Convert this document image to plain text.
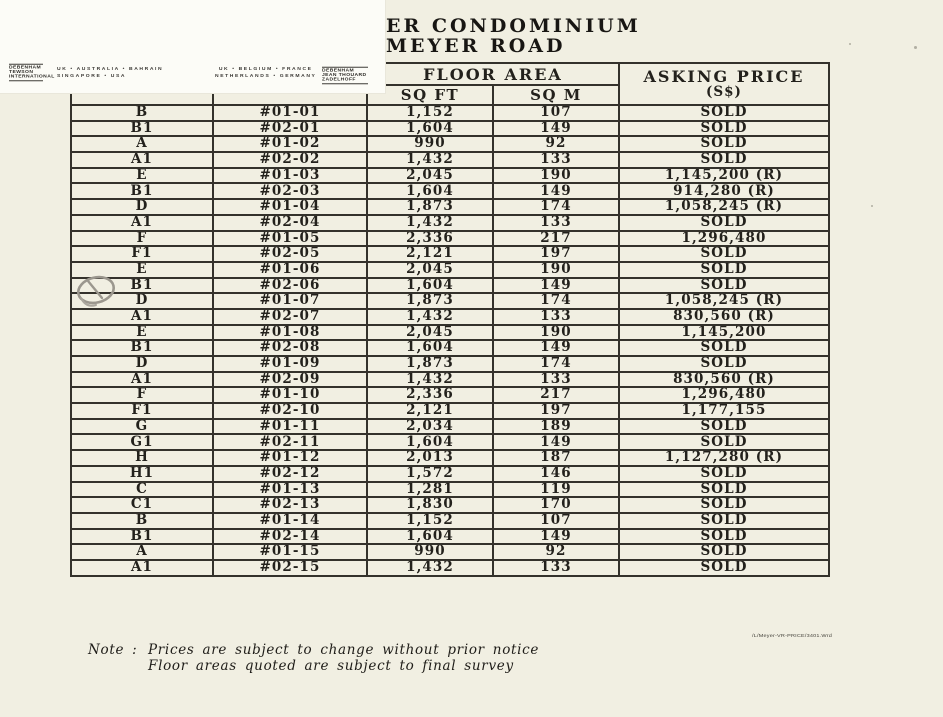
ER CONDOMINIUM
MEYER ROAD
		FLOOR AREA		ASKING PRICE
(S$)

		SQ FT	SQ M	
B	#01-01	1,152	107	SOLD
B1	#02-01	1,604	149	SOLD
A	#01-02	990	92	SOLD
A1	#02-02	1,432	133	SOLD
E	#01-03	2,045	190	1,145,200 (R)
B1	#02-03	1,604	149	914,280 (R)
D	#01-04	1,873	174	1,058,245 (R)
A1	#02-04	1,432	133	SOLD
F	#01-05	2,336	217	1,296,480
F1	#02-05	2,121	197	SOLD
E	#01-06	2,045	190	SOLD
B1	#02-06	1,604	149	SOLD
D	#01-07	1,873	174	1,058,245 (R)
A1	#02-07	1,432	133	830,560 (R)
E	#01-08	2,045	190	1,145,200
B1	#02-08	1,604	149	SOLD
D	#01-09	1,873	174	SOLD
A1	#02-09	1,432	133	830,560 (R)
F	#01-10	2,336	217	1,296,480
F1	#02-10	2,121	197	1,177,155
G	#01-11	2,034	189	SOLD
G1	#02-11	1,604	149	SOLD
H	#01-12	2,013	187	1,127,280 (R)
H1	#02-12	1,572	146	SOLD
C	#01-13	1,281	119	SOLD
C1	#02-13	1,830	170	SOLD
B	#01-14	1,152	107	SOLD
B1	#02-14	1,604	149	SOLD
A	#01-15	990	92	SOLD
A1	#02-15	1,432	133	SOLD
DEBENHAM
TEWSON
INTERNATIONAL
UK • AUSTRALIA • BAHRAIN
SINGAPORE • USA
UK • BELGIUM • FRANCE
NETHERLANDS • GERMANY
DEBENHAM
JEAN THOUARD
ZADELHOFF
/L/Meyer-VR-PRICE/3401.Wrd
Note : Prices are subject to change without prior notice
Floor areas quoted are subject to final survey
